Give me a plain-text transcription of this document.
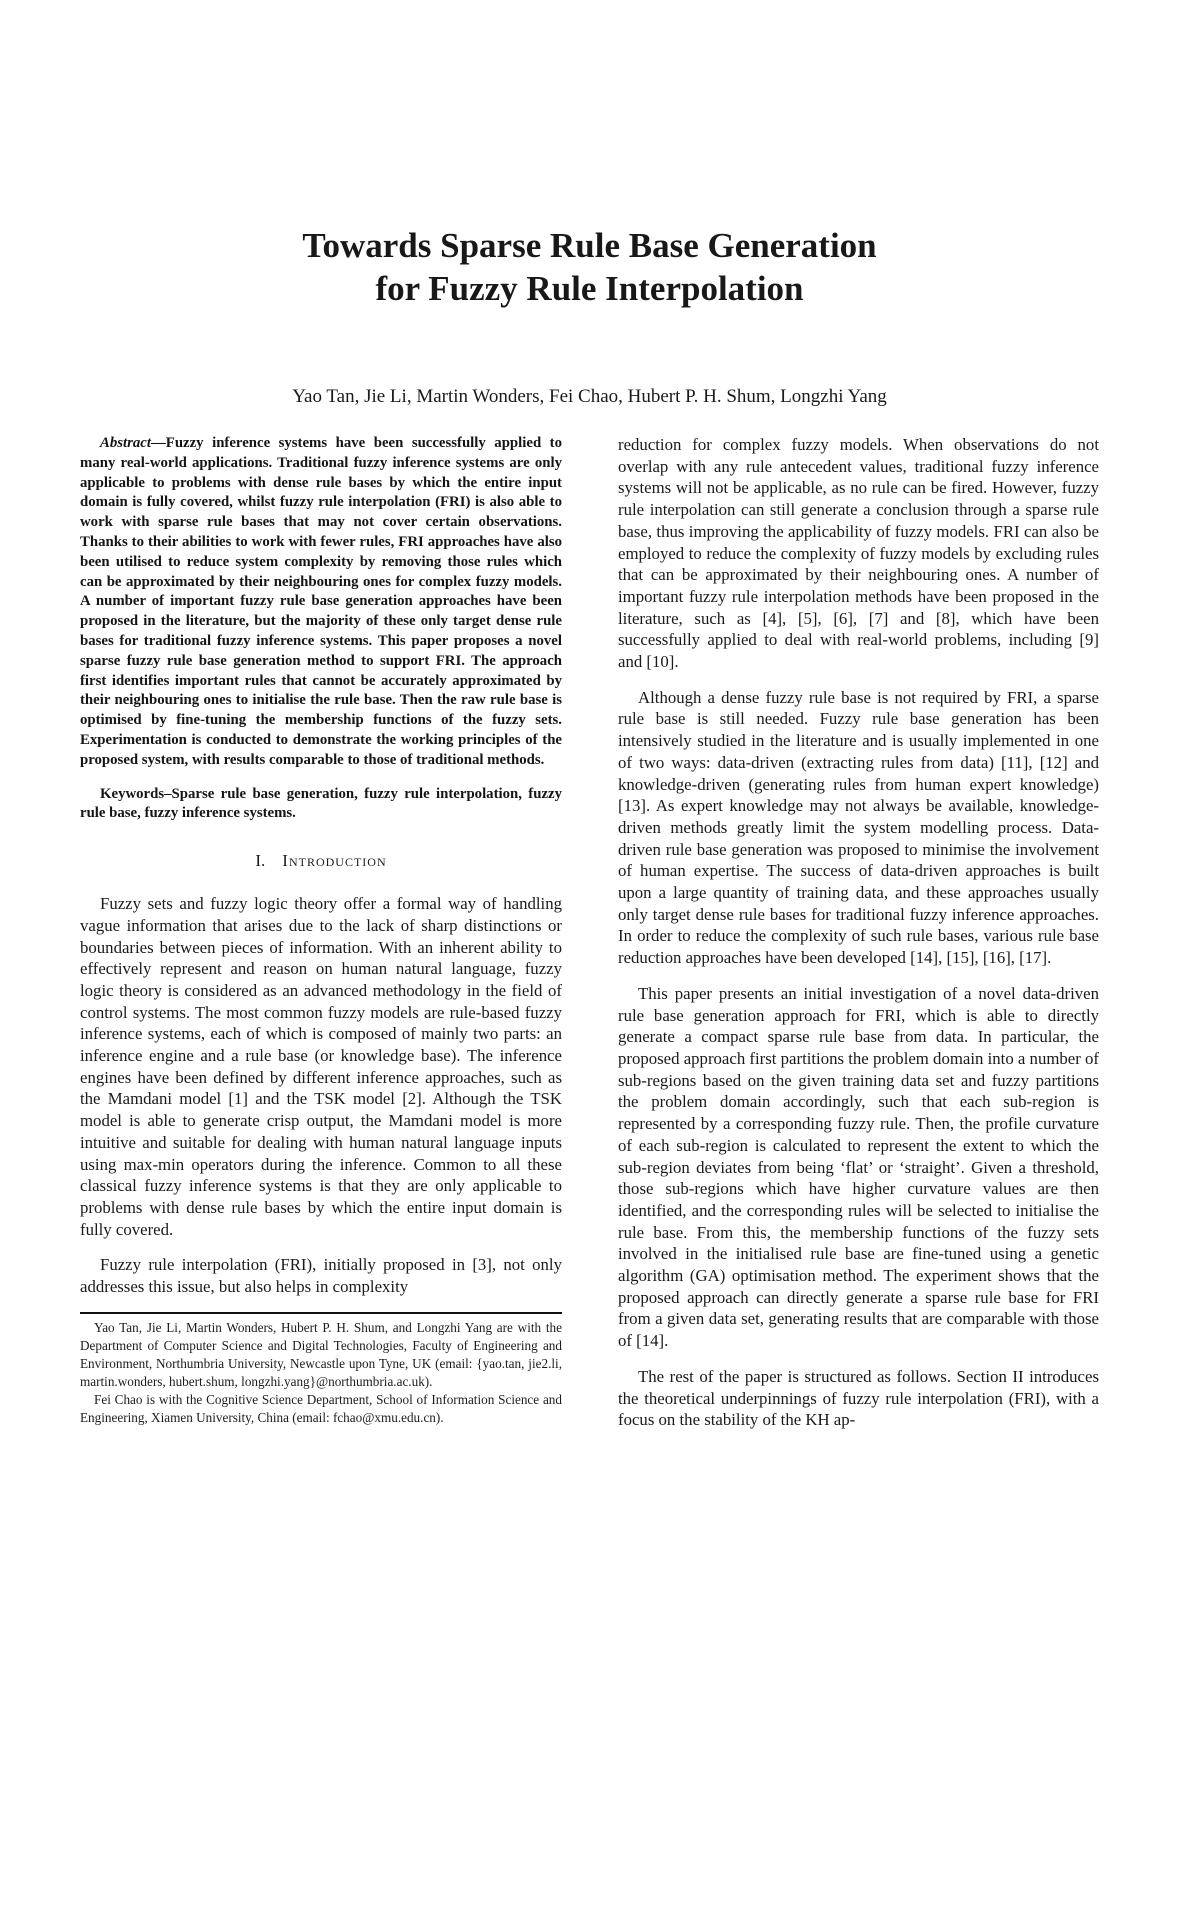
Towards Sparse Rule Base Generation
for Fuzzy Rule Interpolation
Yao Tan, Jie Li, Martin Wonders, Fei Chao, Hubert P. H. Shum, Longzhi Yang

Abstract—Fuzzy inference systems have been successfully applied to many real-world applications. Traditional fuzzy inference systems are only applicable to problems with dense rule bases by which the entire input domain is fully covered, whilst fuzzy rule interpolation (FRI) is also able to work with sparse rule bases that may not cover certain observations. Thanks to their abilities to work with fewer rules, FRI approaches have also been utilised to reduce system complexity by removing those rules which can be approximated by their neighbouring ones for complex fuzzy models. A number of important fuzzy rule base generation approaches have been proposed in the literature, but the majority of these only target dense rule bases for traditional fuzzy inference systems. This paper proposes a novel sparse fuzzy rule base generation method to support FRI. The approach first identifies important rules that cannot be accurately approximated by their neighbouring ones to initialise the rule base. Then the raw rule base is optimised by fine-tuning the membership functions of the fuzzy sets. Experimentation is conducted to demonstrate the working principles of the proposed system, with results comparable to those of traditional methods.

Keywords–Sparse rule base generation, fuzzy rule interpolation, fuzzy rule base, fuzzy inference systems.

I. Introduction

Fuzzy sets and fuzzy logic theory offer a formal way of handling vague information that arises due to the lack of sharp distinctions or boundaries between pieces of information. With an inherent ability to effectively represent and reason on human natural language, fuzzy logic theory is considered as an advanced methodology in the field of control systems. The most common fuzzy models are rule-based fuzzy inference systems, each of which is composed of mainly two parts: an inference engine and a rule base (or knowledge base). The inference engines have been defined by different inference approaches, such as the Mamdani model [1] and the TSK model [2]. Although the TSK model is able to generate crisp output, the Mamdani model is more intuitive and suitable for dealing with human natural language inputs using max-min operators during the inference. Common to all these classical fuzzy inference systems is that they are only applicable to problems with dense rule bases by which the entire input domain is fully covered.

Fuzzy rule interpolation (FRI), initially proposed in [3], not only addresses this issue, but also helps in complexity

Yao Tan, Jie Li, Martin Wonders, Hubert P. H. Shum, and Longzhi Yang are with the Department of Computer Science and Digital Technologies, Faculty of Engineering and Environment, Northumbria University, Newcastle upon Tyne, UK (email: {yao.tan, jie2.li, martin.wonders, hubert.shum, longzhi.yang}@northumbria.ac.uk).

Fei Chao is with the Cognitive Science Department, School of Information Science and Engineering, Xiamen University, China (email: fchao@xmu.edu.cn).

reduction for complex fuzzy models. When observations do not overlap with any rule antecedent values, traditional fuzzy inference systems will not be applicable, as no rule can be fired. However, fuzzy rule interpolation can still generate a conclusion through a sparse rule base, thus improving the applicability of fuzzy models. FRI can also be employed to reduce the complexity of fuzzy models by excluding rules that can be approximated by their neighbouring ones. A number of important fuzzy rule interpolation methods have been proposed in the literature, such as [4], [5], [6], [7] and [8], which have been successfully applied to deal with real-world problems, including [9] and [10].

Although a dense fuzzy rule base is not required by FRI, a sparse rule base is still needed. Fuzzy rule base generation has been intensively studied in the literature and is usually implemented in one of two ways: data-driven (extracting rules from data) [11], [12] and knowledge-driven (generating rules from human expert knowledge) [13]. As expert knowledge may not always be available, knowledge-driven methods greatly limit the system modelling process. Data-driven rule base generation was proposed to minimise the involvement of human expertise. The success of data-driven approaches is built upon a large quantity of training data, and these approaches usually only target dense rule bases for traditional fuzzy inference approaches. In order to reduce the complexity of such rule bases, various rule base reduction approaches have been developed [14], [15], [16], [17].

This paper presents an initial investigation of a novel data-driven rule base generation approach for FRI, which is able to directly generate a compact sparse rule base from data. In particular, the proposed approach first partitions the problem domain into a number of sub-regions based on the given training data set and fuzzy partitions the problem domain accordingly, such that each sub-region is represented by a corresponding fuzzy rule. Then, the profile curvature of each sub-region is calculated to represent the extent to which the sub-region deviates from being ‘flat’ or ‘straight’. Given a threshold, those sub-regions which have higher curvature values are then identified, and the corresponding rules will be selected to initialise the rule base. From this, the membership functions of the fuzzy sets involved in the initialised rule base are fine-tuned using a genetic algorithm (GA) optimisation method. The experiment shows that the proposed approach can directly generate a sparse rule base for FRI from a given data set, generating results that are comparable with those of [14].

The rest of the paper is structured as follows. Section II introduces the theoretical underpinnings of fuzzy rule interpolation (FRI), with a focus on the stability of the KH ap-
